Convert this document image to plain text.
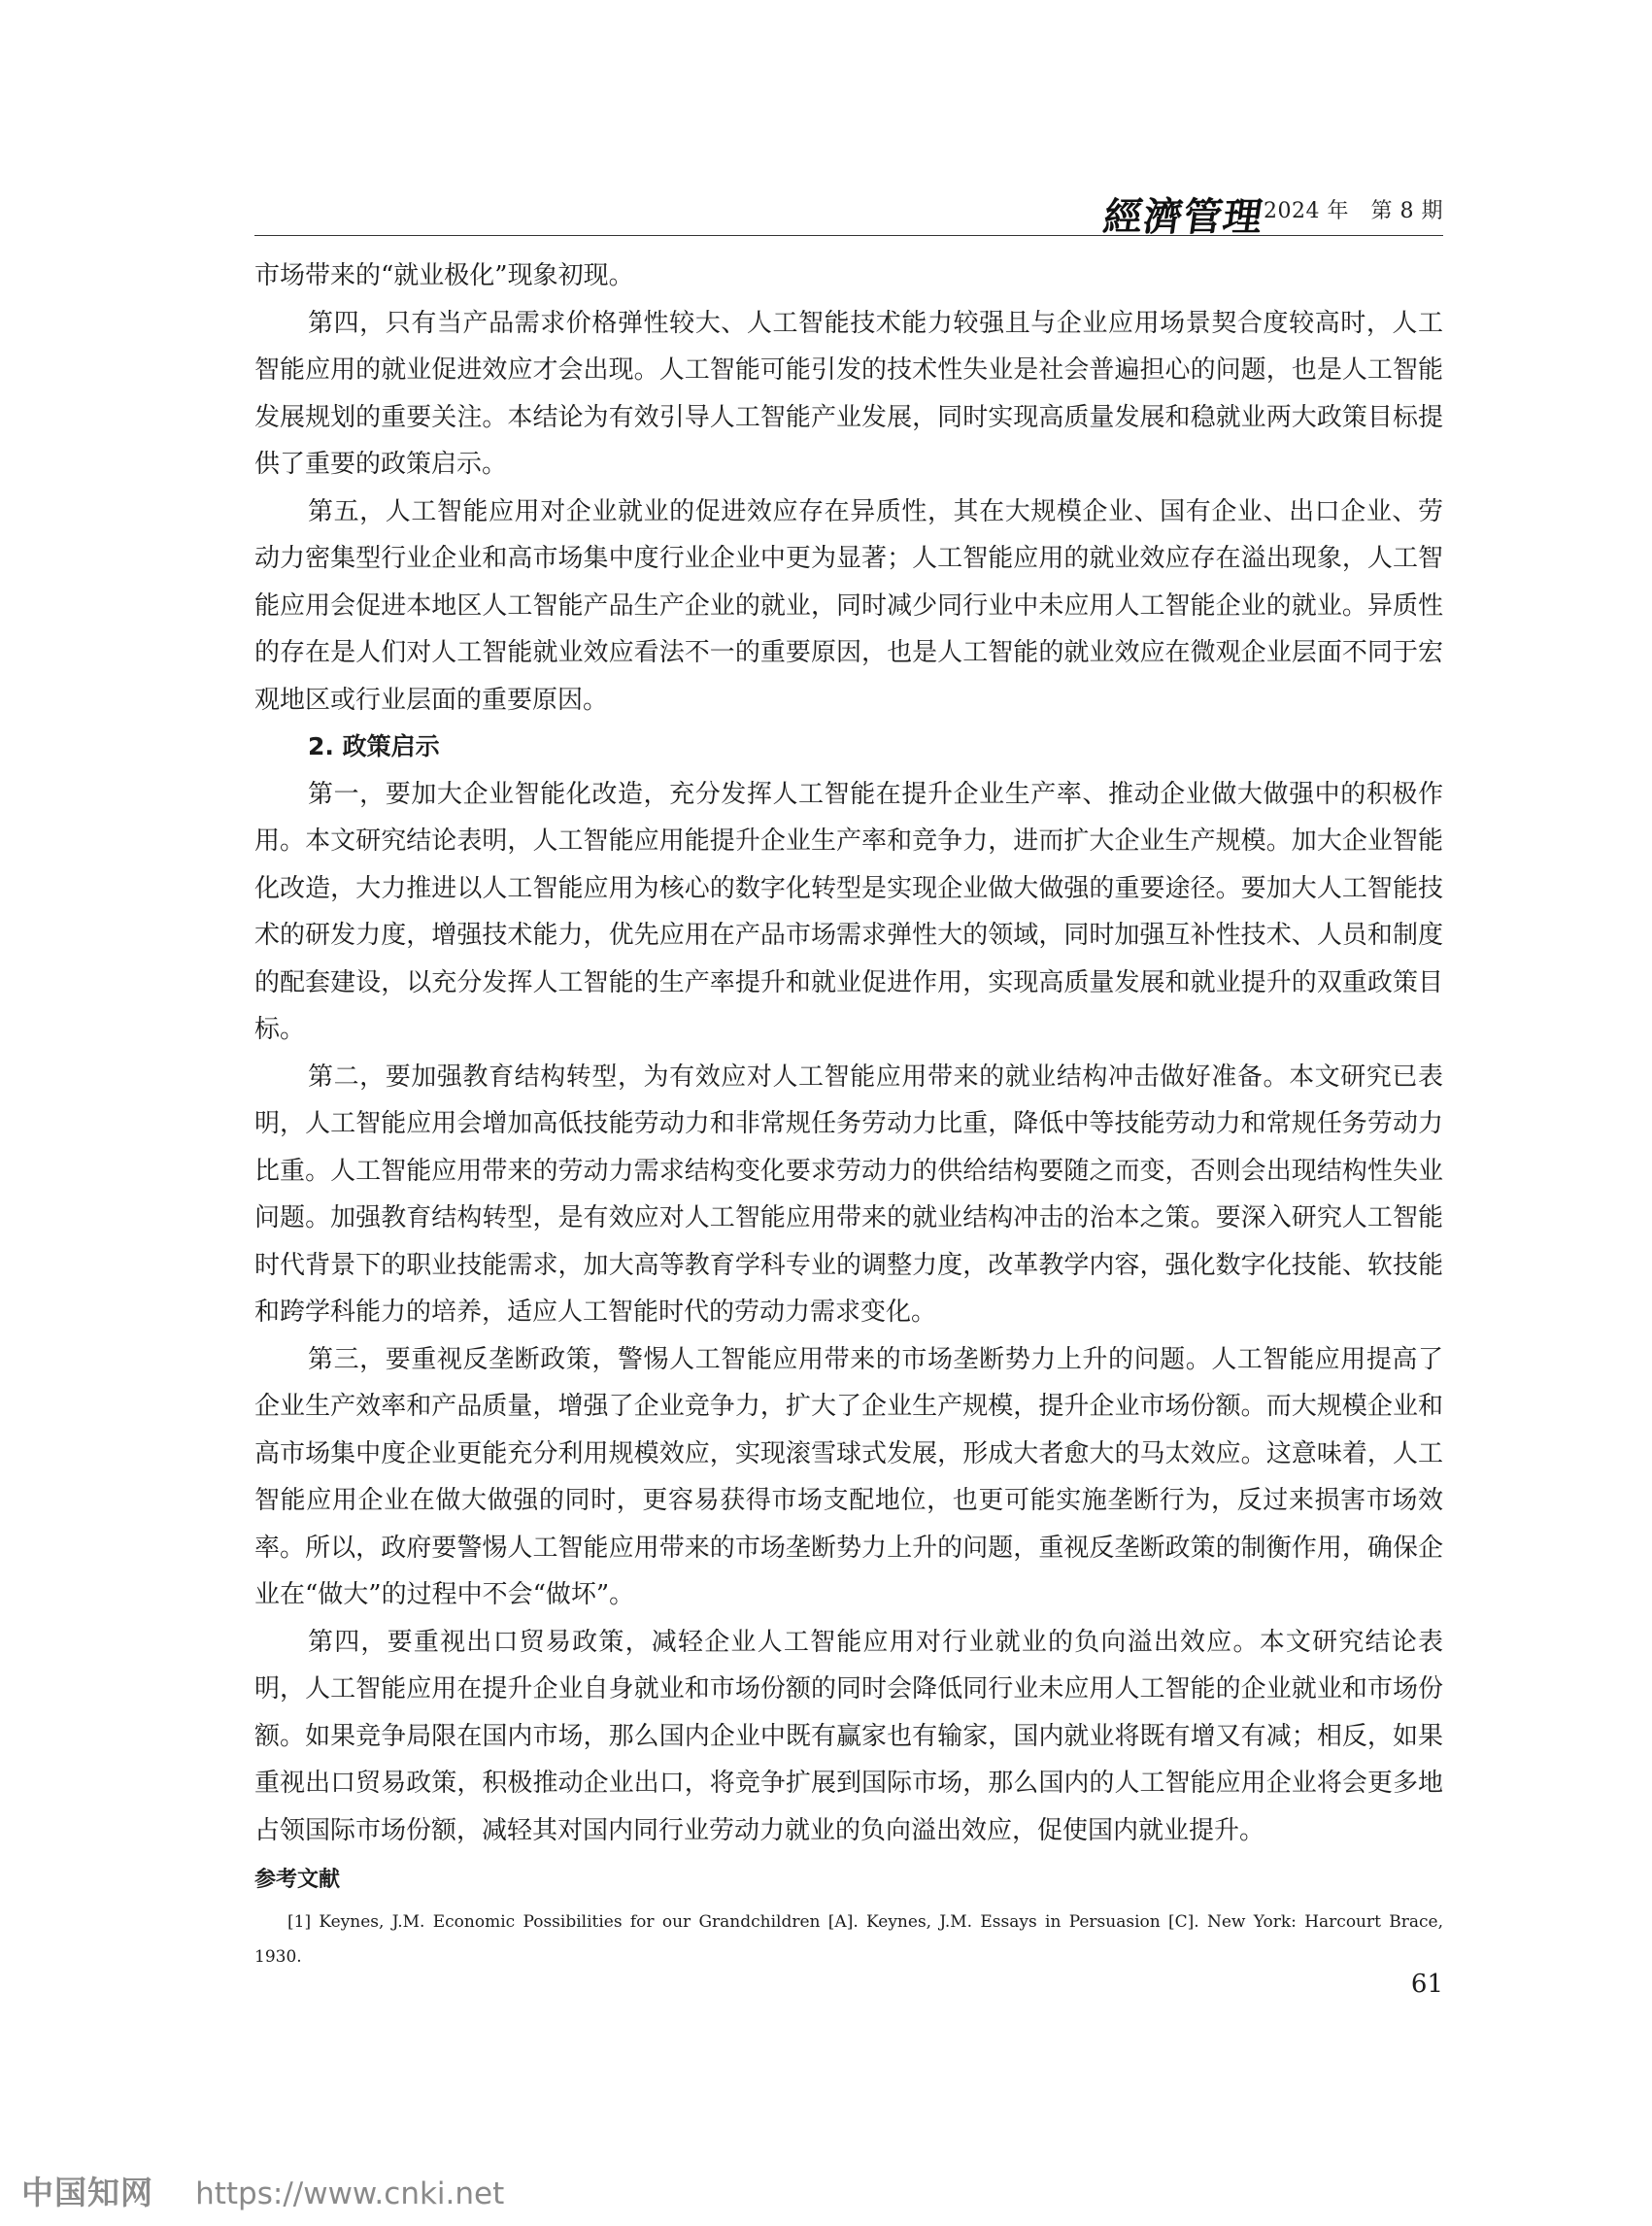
經濟管理
2024 年　第 8 期

市场带来的“就业极化”现象初现。

第四，只有当产品需求价格弹性较大、人工智能技术能力较强且与企业应用场景契合度较高时，人工智能应用的就业促进效应才会出现。人工智能可能引发的技术性失业是社会普遍担心的问题，也是人工智能发展规划的重要关注。本结论为有效引导人工智能产业发展，同时实现高质量发展和稳就业两大政策目标提供了重要的政策启示。

第五，人工智能应用对企业就业的促进效应存在异质性，其在大规模企业、国有企业、出口企业、劳动力密集型行业企业和高市场集中度行业企业中更为显著；人工智能应用的就业效应存在溢出现象，人工智能应用会促进本地区人工智能产品生产企业的就业，同时减少同行业中未应用人工智能企业的就业。异质性的存在是人们对人工智能就业效应看法不一的重要原因，也是人工智能的就业效应在微观企业层面不同于宏观地区或行业层面的重要原因。

2. 政策启示

第一，要加大企业智能化改造，充分发挥人工智能在提升企业生产率、推动企业做大做强中的积极作用。本文研究结论表明，人工智能应用能提升企业生产率和竞争力，进而扩大企业生产规模。加大企业智能化改造，大力推进以人工智能应用为核心的数字化转型是实现企业做大做强的重要途径。要加大人工智能技术的研发力度，增强技术能力，优先应用在产品市场需求弹性大的领域，同时加强互补性技术、人员和制度的配套建设，以充分发挥人工智能的生产率提升和就业促进作用，实现高质量发展和就业提升的双重政策目标。

第二，要加强教育结构转型，为有效应对人工智能应用带来的就业结构冲击做好准备。本文研究已表明，人工智能应用会增加高低技能劳动力和非常规任务劳动力比重，降低中等技能劳动力和常规任务劳动力比重。人工智能应用带来的劳动力需求结构变化要求劳动力的供给结构要随之而变，否则会出现结构性失业问题。加强教育结构转型，是有效应对人工智能应用带来的就业结构冲击的治本之策。要深入研究人工智能时代背景下的职业技能需求，加大高等教育学科专业的调整力度，改革教学内容，强化数字化技能、软技能和跨学科能力的培养，适应人工智能时代的劳动力需求变化。

第三，要重视反垄断政策，警惕人工智能应用带来的市场垄断势力上升的问题。人工智能应用提高了企业生产效率和产品质量，增强了企业竞争力，扩大了企业生产规模，提升企业市场份额。而大规模企业和高市场集中度企业更能充分利用规模效应，实现滚雪球式发展，形成大者愈大的马太效应。这意味着，人工智能应用企业在做大做强的同时，更容易获得市场支配地位，也更可能实施垄断行为，反过来损害市场效率。所以，政府要警惕人工智能应用带来的市场垄断势力上升的问题，重视反垄断政策的制衡作用，确保企业在“做大”的过程中不会“做坏”。

第四，要重视出口贸易政策，减轻企业人工智能应用对行业就业的负向溢出效应。本文研究结论表明，人工智能应用在提升企业自身就业和市场份额的同时会降低同行业未应用人工智能的企业就业和市场份额。如果竞争局限在国内市场，那么国内企业中既有赢家也有输家，国内就业将既有增又有减；相反，如果重视出口贸易政策，积极推动企业出口，将竞争扩展到国际市场，那么国内的人工智能应用企业将会更多地占领国际市场份额，减轻其对国内同行业劳动力就业的负向溢出效应，促使国内就业提升。

参考文献

[1] Keynes, J.M. Economic Possibilities for our Grandchildren [A]. Keynes, J.M. Essays in Persuasion [C]. New York: Harcourt Brace, 1930.

61
中国知网 https://www.cnki.net
